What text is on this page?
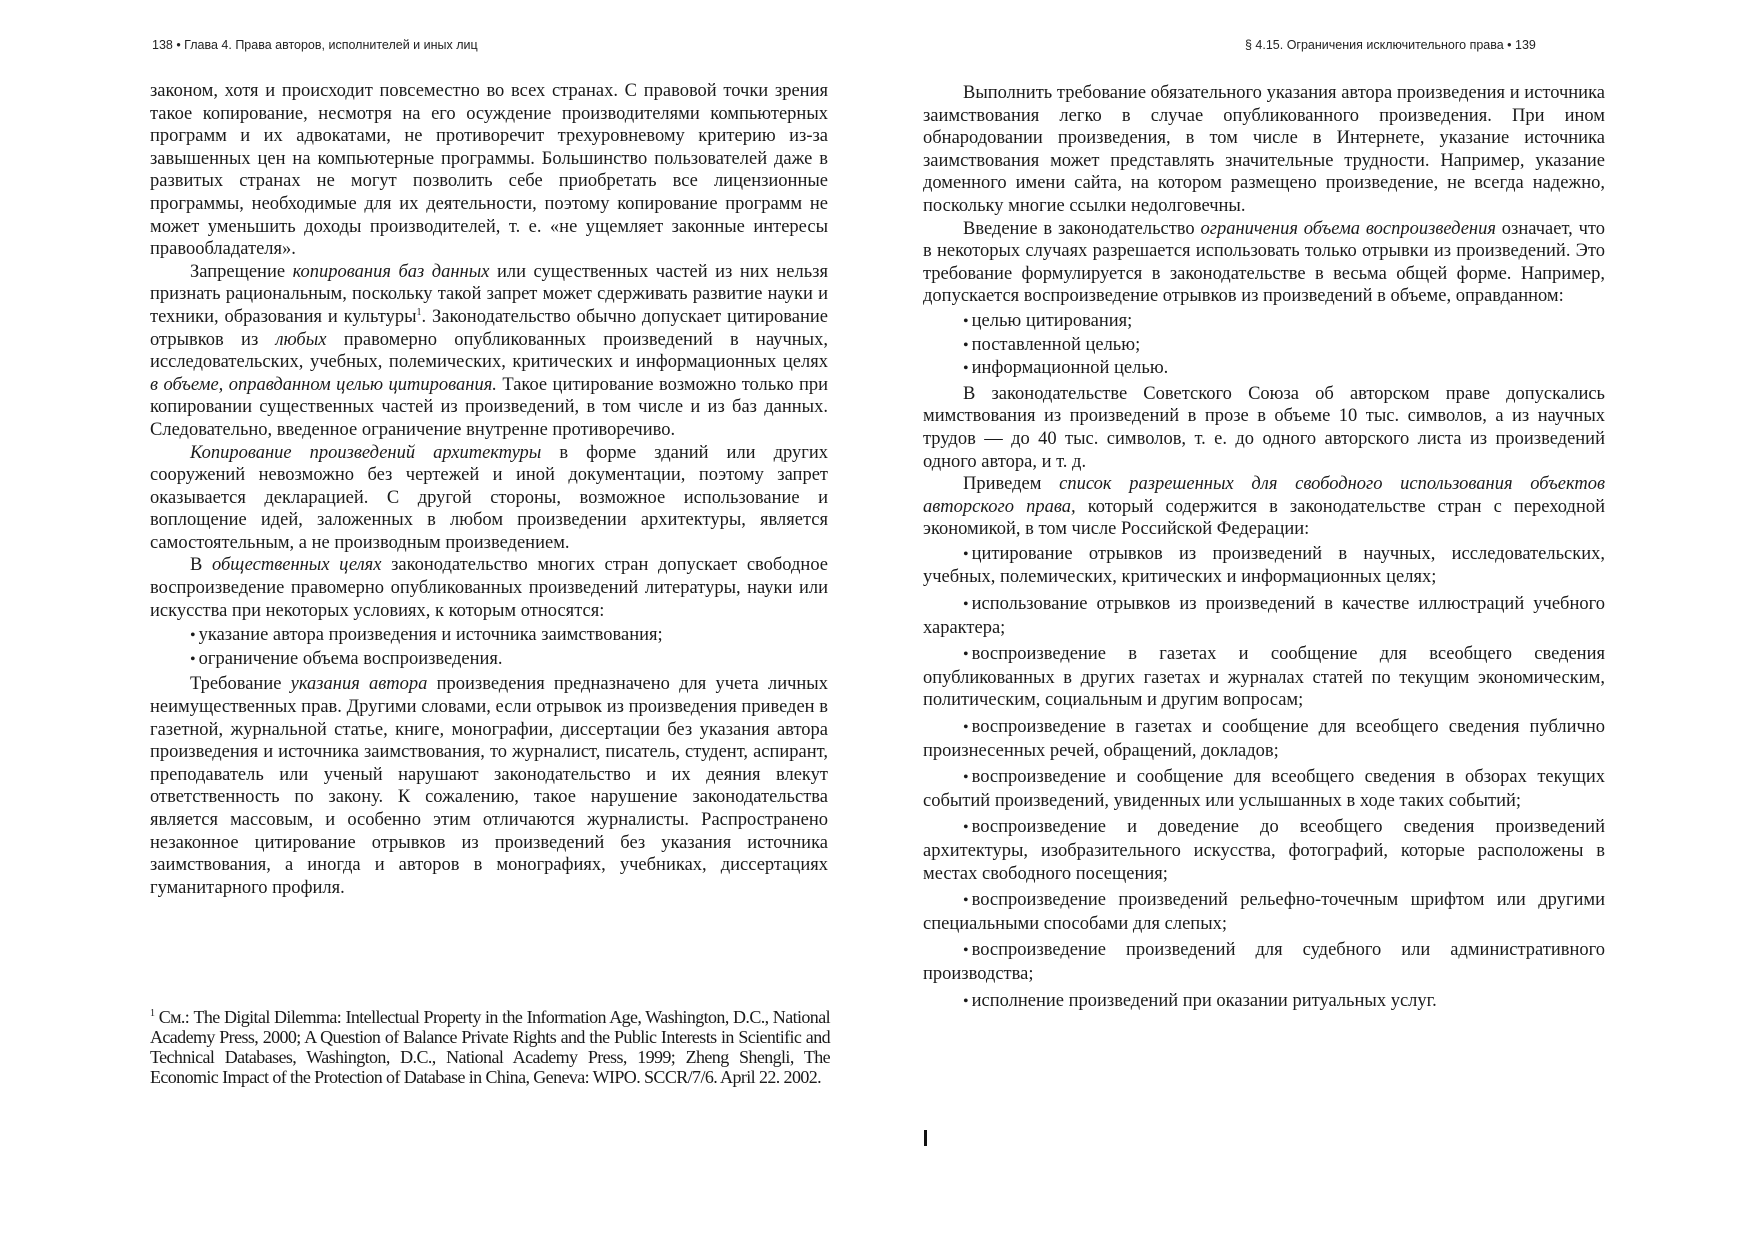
138 • Глава 4. Права авторов, исполнителей и иных лиц

законом, хотя и происходит повсеместно во всех странах. С правовой точки зрения такое копирование, несмотря на его осуждение производителями компьютерных программ и их адвокатами, не противоречит трехуровневому критерию из-за завышенных цен на компьютерные программы. Большинство пользователей даже в развитых странах не могут позволить себе приобретать все лицензионные программы, необходимые для их деятельности, поэтому копирование программ не может уменьшить доходы производителей, т. е. «не ущемляет законные интересы правообладателя».

Запрещение копирования баз данных или существенных частей из них нельзя признать рациональным, поскольку такой запрет может сдерживать развитие науки и техники, образования и культуры$^1$. Законодательство обычно допускает цитирование отрывков из любых правомерно опубликованных произведений в научных, исследовательских, учебных, полемических, критических и информационных целях в объеме, оправданном целью цитирования. Такое цитирование возможно только при копировании существенных частей из произведений, в том числе и из баз данных. Следовательно, введенное ограничение внутренне противоречиво.

Копирование произведений архитектуры в форме зданий или других сооружений невозможно без чертежей и иной документации, поэтому запрет оказывается декларацией. С другой стороны, возможное использование и воплощение идей, заложенных в любом произведении архитектуры, является самостоятельным, а не производным произведением.

В общественных целях законодательство многих стран допускает свободное воспроизведение правомерно опубликованных произведений литературы, науки или искусства при некоторых условиях, к которым относятся:

• указание автора произведения и источника заимствования;
• ограничение объема воспроизведения.

Требование указания автора произведения предназначено для учета личных неимущественных прав. Другими словами, если отрывок из произведения приведен в газетной, журнальной статье, книге, монографии, диссертации без указания автора произведения и источника заимствования, то журналист, писатель, студент, аспирант, преподаватель или ученый нарушают законодательство и их деяния влекут ответственность по закону. К сожалению, такое нарушение законодательства является массовым, и особенно этим отличаются журналисты. Распространено незаконное цитирование отрывков из произведений без указания источника заимствования, а иногда и авторов в монографиях, учебниках, диссертациях гуманитарного профиля.

$^1$ См.: The Digital Dilemma: Intellectual Property in the Information Age, Washington, D.C., National Academy Press, 2000; A Question of Balance Private Rights and the Public Interests in Scientific and Technical Databases, Washington, D.C., National Academy Press, 1999; Zheng Shengli, The Economic Impact of the Protection of Database in China, Geneva: WIPO. SCCR/7/6. April 22. 2002.
§ 4.15. Ограничения исключительного права • 139

Выполнить требование обязательного указания автора произведения и источника заимствования легко в случае опубликованного произведения. При ином обнародовании произведения, в том числе в Интернете, указание источника заимствования может представлять значительные трудности. Например, указание доменного имени сайта, на котором размещено произведение, не всегда надежно, поскольку многие ссылки недолговечны.

Введение в законодательство ограничения объема воспроизведения означает, что в некоторых случаях разрешается использовать только отрывки из произведений. Это требование формулируется в законодательстве в весьма общей форме. Например, допускается воспроизведение отрывков из произведений в объеме, оправданном:

• целью цитирования;
• поставленной целью;
• информационной целью.

В законодательстве Советского Союза об авторском праве допускались мимствования из произведений в прозе в объеме 10 тыс. символов, а из научных трудов — до 40 тыс. символов, т. е. до одного авторского листа из произведений одного автора, и т. д.

Приведем список разрешенных для свободного использования объектов авторского права, который содержится в законодательстве стран с переходной экономикой, в том числе Российской Федерации:

• цитирование отрывков из произведений в научных, исследовательских, учебных, полемических, критических и информационных целях;
• использование отрывков из произведений в качестве иллюстраций учебного характера;
• воспроизведение в газетах и сообщение для всеобщего сведения опубликованных в других газетах и журналах статей по текущим экономическим, политическим, социальным и другим вопросам;
• воспроизведение в газетах и сообщение для всеобщего сведения публично произнесенных речей, обращений, докладов;
• воспроизведение и сообщение для всеобщего сведения в обзорах текущих событий произведений, увиденных или услышанных в ходе таких событий;
• воспроизведение и доведение до всеобщего сведения произведений архитектуры, изобразительного искусства, фотографий, которые расположены в местах свободного посещения;
• воспроизведение произведений рельефно-точечным шрифтом или другими специальными способами для слепых;
• воспроизведение произведений для судебного или административного производства;
• исполнение произведений при оказании ритуальных услуг.
